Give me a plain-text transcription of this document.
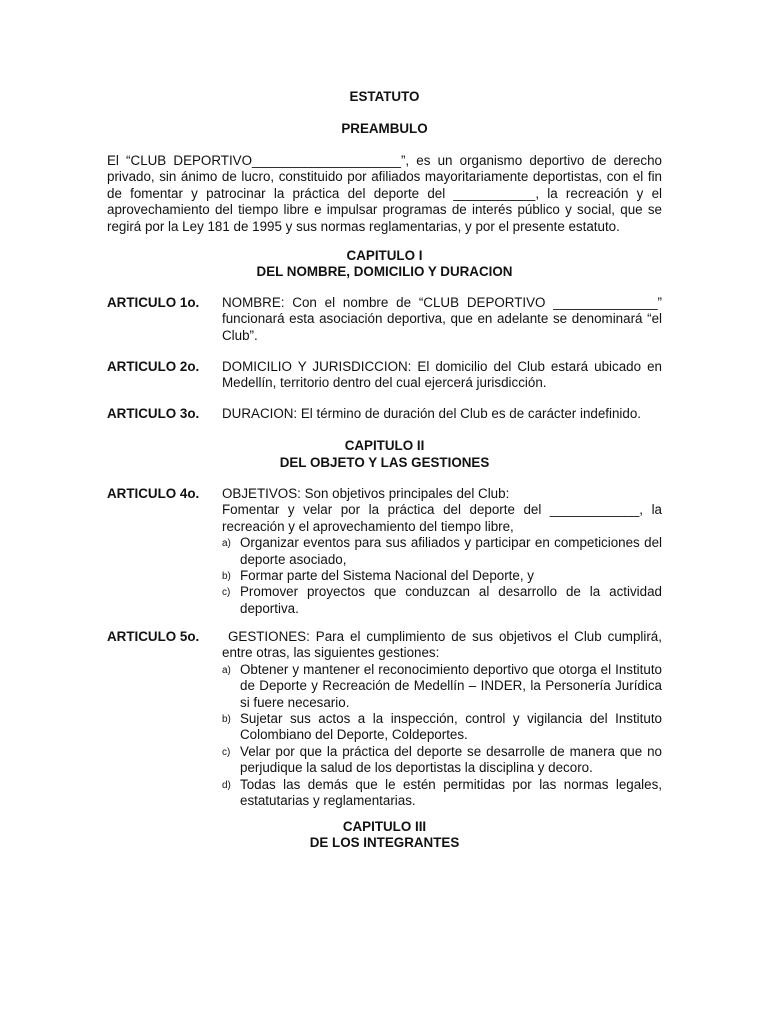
ESTATUTO
PREAMBULO
El “CLUB DEPORTIVO____________________”, es un organismo deportivo de derecho privado, sin ánimo de lucro, constituido por afiliados mayoritariamente deportistas, con el fin de fomentar y patrocinar la práctica del deporte del ___________, la recreación y el aprovechamiento del tiempo libre e impulsar programas de interés público y social, que se regirá por la Ley 181 de 1995 y sus normas reglamentarias, y por el presente estatuto.
CAPITULO I
DEL NOMBRE, DOMICILIO Y DURACION
ARTICULO 1o. NOMBRE: Con el nombre de “CLUB DEPORTIVO ______________” funcionará esta asociación deportiva, que en adelante se denominará “el Club”.
ARTICULO 2o. DOMICILIO Y JURISDICCION: El domicilio del Club estará ubicado en Medellín, territorio dentro del cual ejercerá jurisdicción.
ARTICULO 3o. DURACION: El término de duración del Club es de carácter indefinido.
CAPITULO II
DEL OBJETO Y LAS GESTIONES
ARTICULO 4o. OBJETIVOS: Son objetivos principales del Club:

Fomentar y velar por la práctica del deporte del ____________, la recreación y el aprovechamiento del tiempo libre,

a) Organizar eventos para sus afiliados y participar en competiciones del deporte asociado,
b) Formar parte del Sistema Nacional del Deporte, y
c) Promover proyectos que conduzcan al desarrollo de la actividad deportiva.
ARTICULO 5o. GESTIONES: Para el cumplimiento de sus objetivos el Club cumplirá, entre otras, las siguientes gestiones:

a) Obtener y mantener el reconocimiento deportivo que otorga el Instituto de Deporte y Recreación de Medellín – INDER, la Personería Jurídica si fuere necesario.
b) Sujetar sus actos a la inspección, control y vigilancia del Instituto Colombiano del Deporte, Coldeportes.
c) Velar por que la práctica del deporte se desarrolle de manera que no perjudique la salud de los deportistas la disciplina y decoro.
d) Todas las demás que le estén permitidas por las normas legales, estatutarias y reglamentarias.
CAPITULO III
DE LOS INTEGRANTES
